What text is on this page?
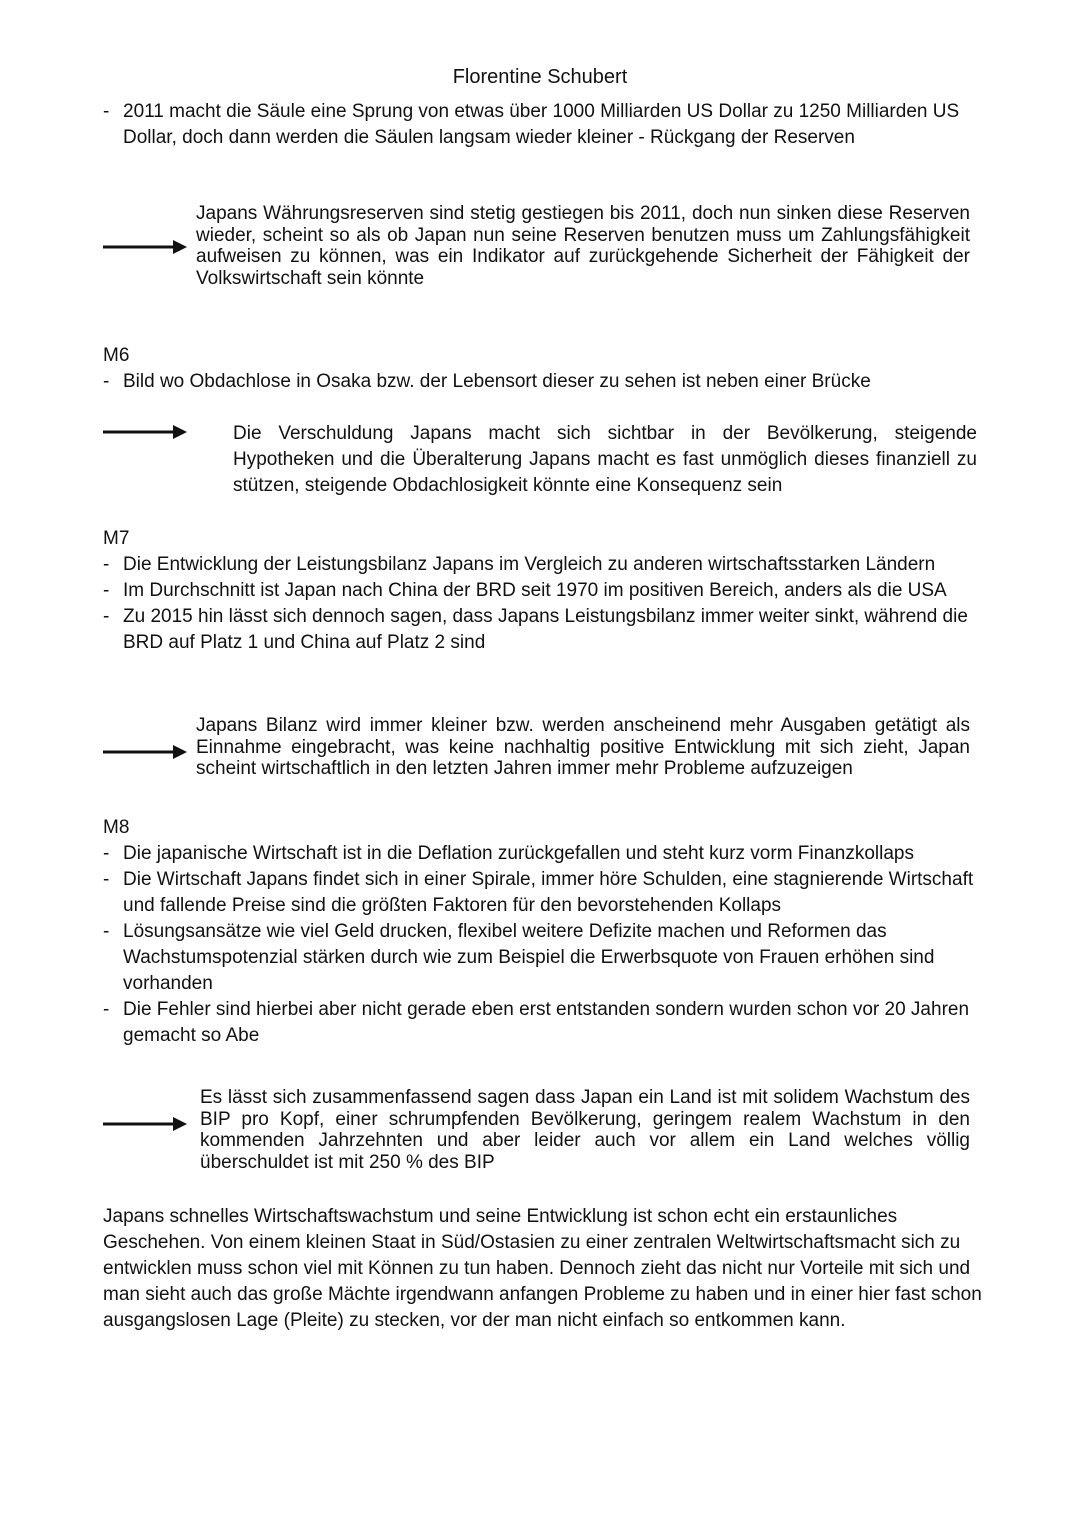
Florentine Schubert
- 2011 macht die Säule eine Sprung von etwas über 1000 Milliarden US Dollar zu 1250 Milliarden US Dollar, doch dann werden die Säulen langsam wieder kleiner - Rückgang der Reserven
Japans Währungsreserven sind stetig gestiegen bis 2011, doch nun sinken diese Reserven wieder, scheint so als ob Japan nun seine Reserven benutzen muss um Zahlungsfähigkeit aufweisen zu können, was ein Indikator auf zurückgehende Sicherheit der Fähigkeit der Volkswirtschaft sein könnte
M6
- Bild wo Obdachlose in Osaka bzw. der Lebensort dieser zu sehen ist neben einer Brücke
Die Verschuldung Japans macht sich sichtbar in der Bevölkerung, steigende Hypotheken und die Überalterung Japans macht es fast unmöglich dieses finanziell zu stützen, steigende Obdachlosigkeit könnte eine Konsequenz sein
M7
- Die Entwicklung der Leistungsbilanz Japans im Vergleich zu anderen wirtschaftsstarken Ländern
- Im Durchschnitt ist Japan nach China der BRD seit 1970 im positiven Bereich, anders als die USA
- Zu 2015 hin lässt sich dennoch sagen, dass Japans Leistungsbilanz immer weiter sinkt, während die BRD auf Platz 1 und China auf Platz 2 sind
Japans Bilanz wird immer kleiner bzw. werden anscheinend mehr Ausgaben getätigt als Einnahme eingebracht, was keine nachhaltig positive Entwicklung mit sich zieht, Japan scheint wirtschaftlich in den letzten Jahren immer mehr Probleme aufzuzeigen
M8
- Die japanische Wirtschaft ist in die Deflation zurückgefallen und steht kurz vorm Finanzkollaps
- Die Wirtschaft Japans findet sich in einer Spirale, immer höre Schulden, eine stagnierende Wirtschaft und fallende Preise sind die größten Faktoren für den bevorstehenden Kollaps
- Lösungsansätze wie viel Geld drucken, flexibel weitere Defizite machen und Reformen das Wachstumspotenzial stärken durch wie zum Beispiel die Erwerbsquote von Frauen erhöhen sind vorhanden
- Die Fehler sind hierbei aber nicht gerade eben erst entstanden sondern wurden schon vor 20 Jahren gemacht so Abe
Es lässt sich zusammenfassend sagen dass Japan ein Land ist mit solidem Wachstum des BIP pro Kopf, einer schrumpfenden Bevölkerung, geringem realem Wachstum in den kommenden Jahrzehnten und aber leider auch vor allem ein Land welches völlig überschuldet ist mit 250 % des BIP
Japans schnelles Wirtschaftswachstum und seine Entwicklung ist schon echt ein erstaunliches Geschehen. Von einem kleinen Staat in Süd/Ostasien zu einer zentralen Weltwirtschaftsmacht sich zu entwicklen muss schon viel mit Können zu tun haben. Dennoch zieht das nicht nur Vorteile mit sich und man sieht auch das große Mächte irgendwann anfangen Probleme zu haben und in einer hier fast schon ausgangslosen Lage (Pleite) zu stecken, vor der man nicht einfach so entkommen kann.
